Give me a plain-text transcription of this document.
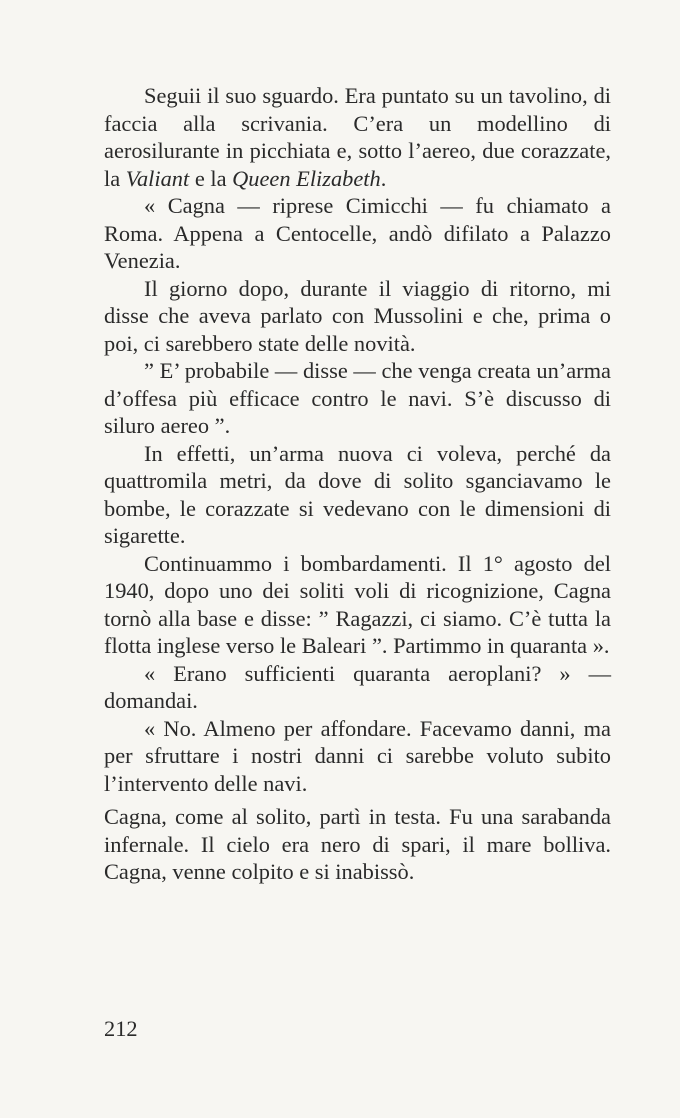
Seguii il suo sguardo. Era puntato su un tavolino, di faccia alla scrivania. C’era un modellino di aerosilurante in picchiata e, sotto l’aereo, due corazzate, la Valiant e la Queen Elizabeth.

« Cagna — riprese Cimicchi — fu chiamato a Roma. Appena a Centocelle, andò difilato a Palazzo Venezia.

Il giorno dopo, durante il viaggio di ritorno, mi disse che aveva parlato con Mussolini e che, prima o poi, ci sarebbero state delle novità.

” E’ probabile — disse — che venga creata un’arma d’offesa più efficace contro le navi. S’è discusso di siluro aereo ”.

In effetti, un’arma nuova ci voleva, perché da quattromila metri, da dove di solito sganciavamo le bombe, le corazzate si vedevano con le dimensioni di sigarette.

Continuammo i bombardamenti. Il 1° agosto del 1940, dopo uno dei soliti voli di ricognizione, Cagna tornò alla base e disse: ” Ragazzi, ci siamo. C’è tutta la flotta inglese verso le Baleari ”. Partimmo in quaranta ».

« Erano sufficienti quaranta aeroplani? » — domandai.

« No. Almeno per affondare. Facevamo danni, ma per sfruttare i nostri danni ci sarebbe voluto subito l’intervento delle navi.

Cagna, come al solito, partì in testa. Fu una sarabanda infernale. Il cielo era nero di spari, il mare bolliva. Cagna, venne colpito e si inabissò.

212
